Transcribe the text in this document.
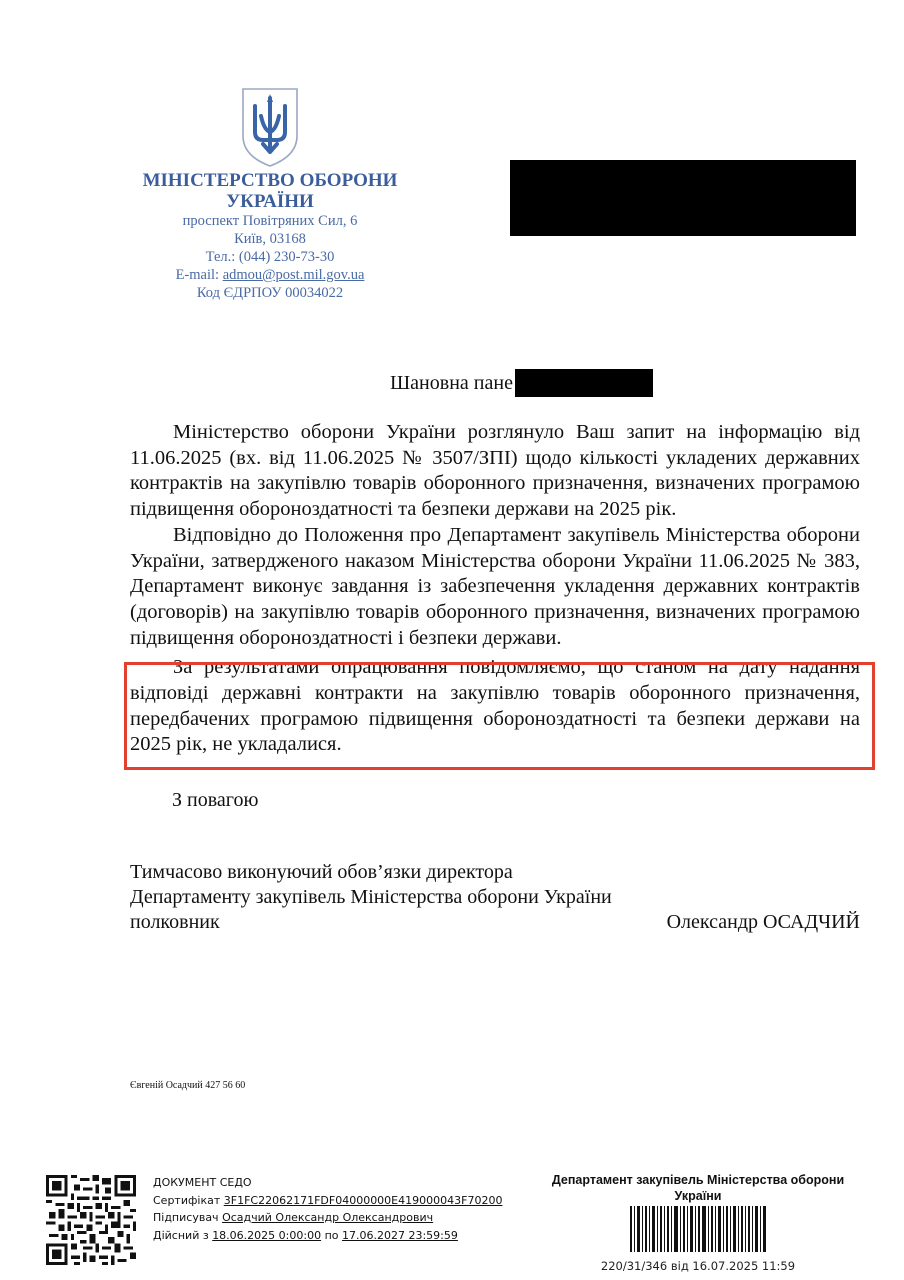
МІНІСТЕРСТВО ОБОРОНИ
УКРАЇНИ
проспект Повітряних Сил, 6
Київ, 03168
Тел.: (044) 230-73-30
E-mail: admou@post.mil.gov.ua
Код ЄДРПОУ 00034022
Шановна пане

Міністерство оборони України розглянуло Ваш запит на інформацію від 11.06.2025 (вх. від 11.06.2025 № 3507/ЗПІ) щодо кількості укладених державних контрактів на закупівлю товарів оборонного призначення, визначених програмою підвищення обороноздатності та безпеки держави на 2025 рік.

Відповідно до Положення про Департамент закупівель Міністерства оборони України, затвердженого наказом Міністерства оборони України 11.06.2025 № 383, Департамент виконує завдання із забезпечення укладення державних контрактів (договорів) на закупівлю товарів оборонного призначення, визначених програмою підвищення обороноздатності і безпеки держави.

За результатами опрацювання повідомляємо, що станом на дату надання відповіді державні контракти на закупівлю товарів оборонного призначення, передбачених програмою підвищення обороноздатності та безпеки держави на 2025 рік, не укладалися.

З повагою
Тимчасово виконуючий обов’язки директора
Департаменту закупівель Міністерства оборони України
полковник	Олександр ОСАДЧИЙ
Євгеній Осадчий 427 56 60
ДОКУМЕНТ СЕДО
Сертифікат 3F1FC22062171FDF04000000E419000043F70200
Підписувач Осадчий Олександр Олександрович
Дійсний з 18.06.2025 0:00:00 по 17.06.2027 23:59:59
Департамент закупівель Міністерства оборони України
220/31/346 від 16.07.2025 11:59
